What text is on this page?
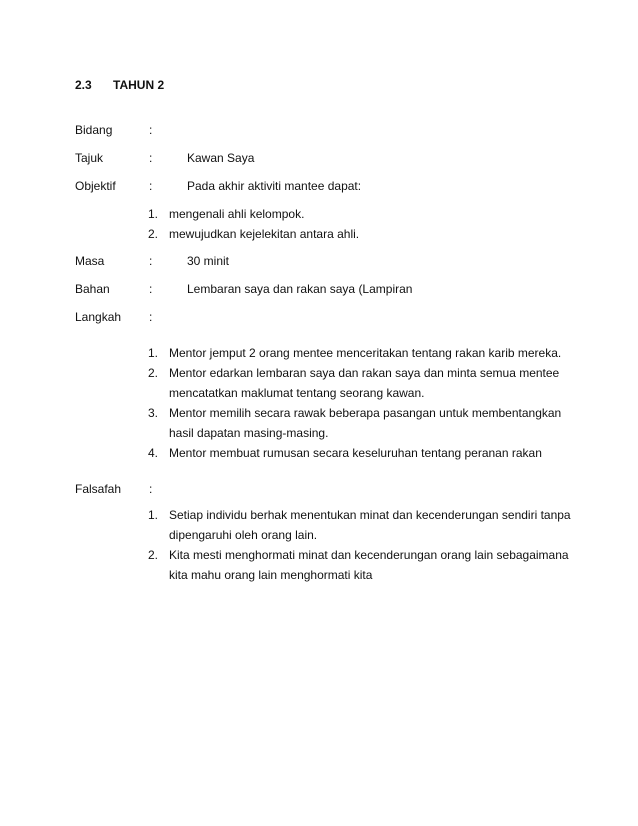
2.3 TAHUN 2
Bidang	:
Tajuk	:	Kawan Saya
Objektif	:	Pada akhir aktiviti mantee dapat:
1. mengenali ahli kelompok.
2. mewujudkan kejelekitan antara ahli.
Masa	:	30 minit
Bahan	:	Lembaran saya dan rakan saya (Lampiran
Langkah :
1. Mentor jemput 2 orang mentee menceritakan tentang rakan karib mereka.
2. Mentor edarkan lembaran saya dan rakan saya dan minta semua mentee mencatatkan maklumat tentang seorang kawan.
3. Mentor memilih secara rawak beberapa pasangan untuk membentangkan hasil dapatan masing-masing.
4. Mentor membuat rumusan secara keseluruhan tentang peranan rakan
Falsafah :
1. Setiap individu berhak menentukan minat dan kecenderungan sendiri tanpa dipengaruhi oleh orang lain.
2. Kita mesti menghormati minat dan kecenderungan orang lain sebagaimana kita mahu orang lain menghormati kita
